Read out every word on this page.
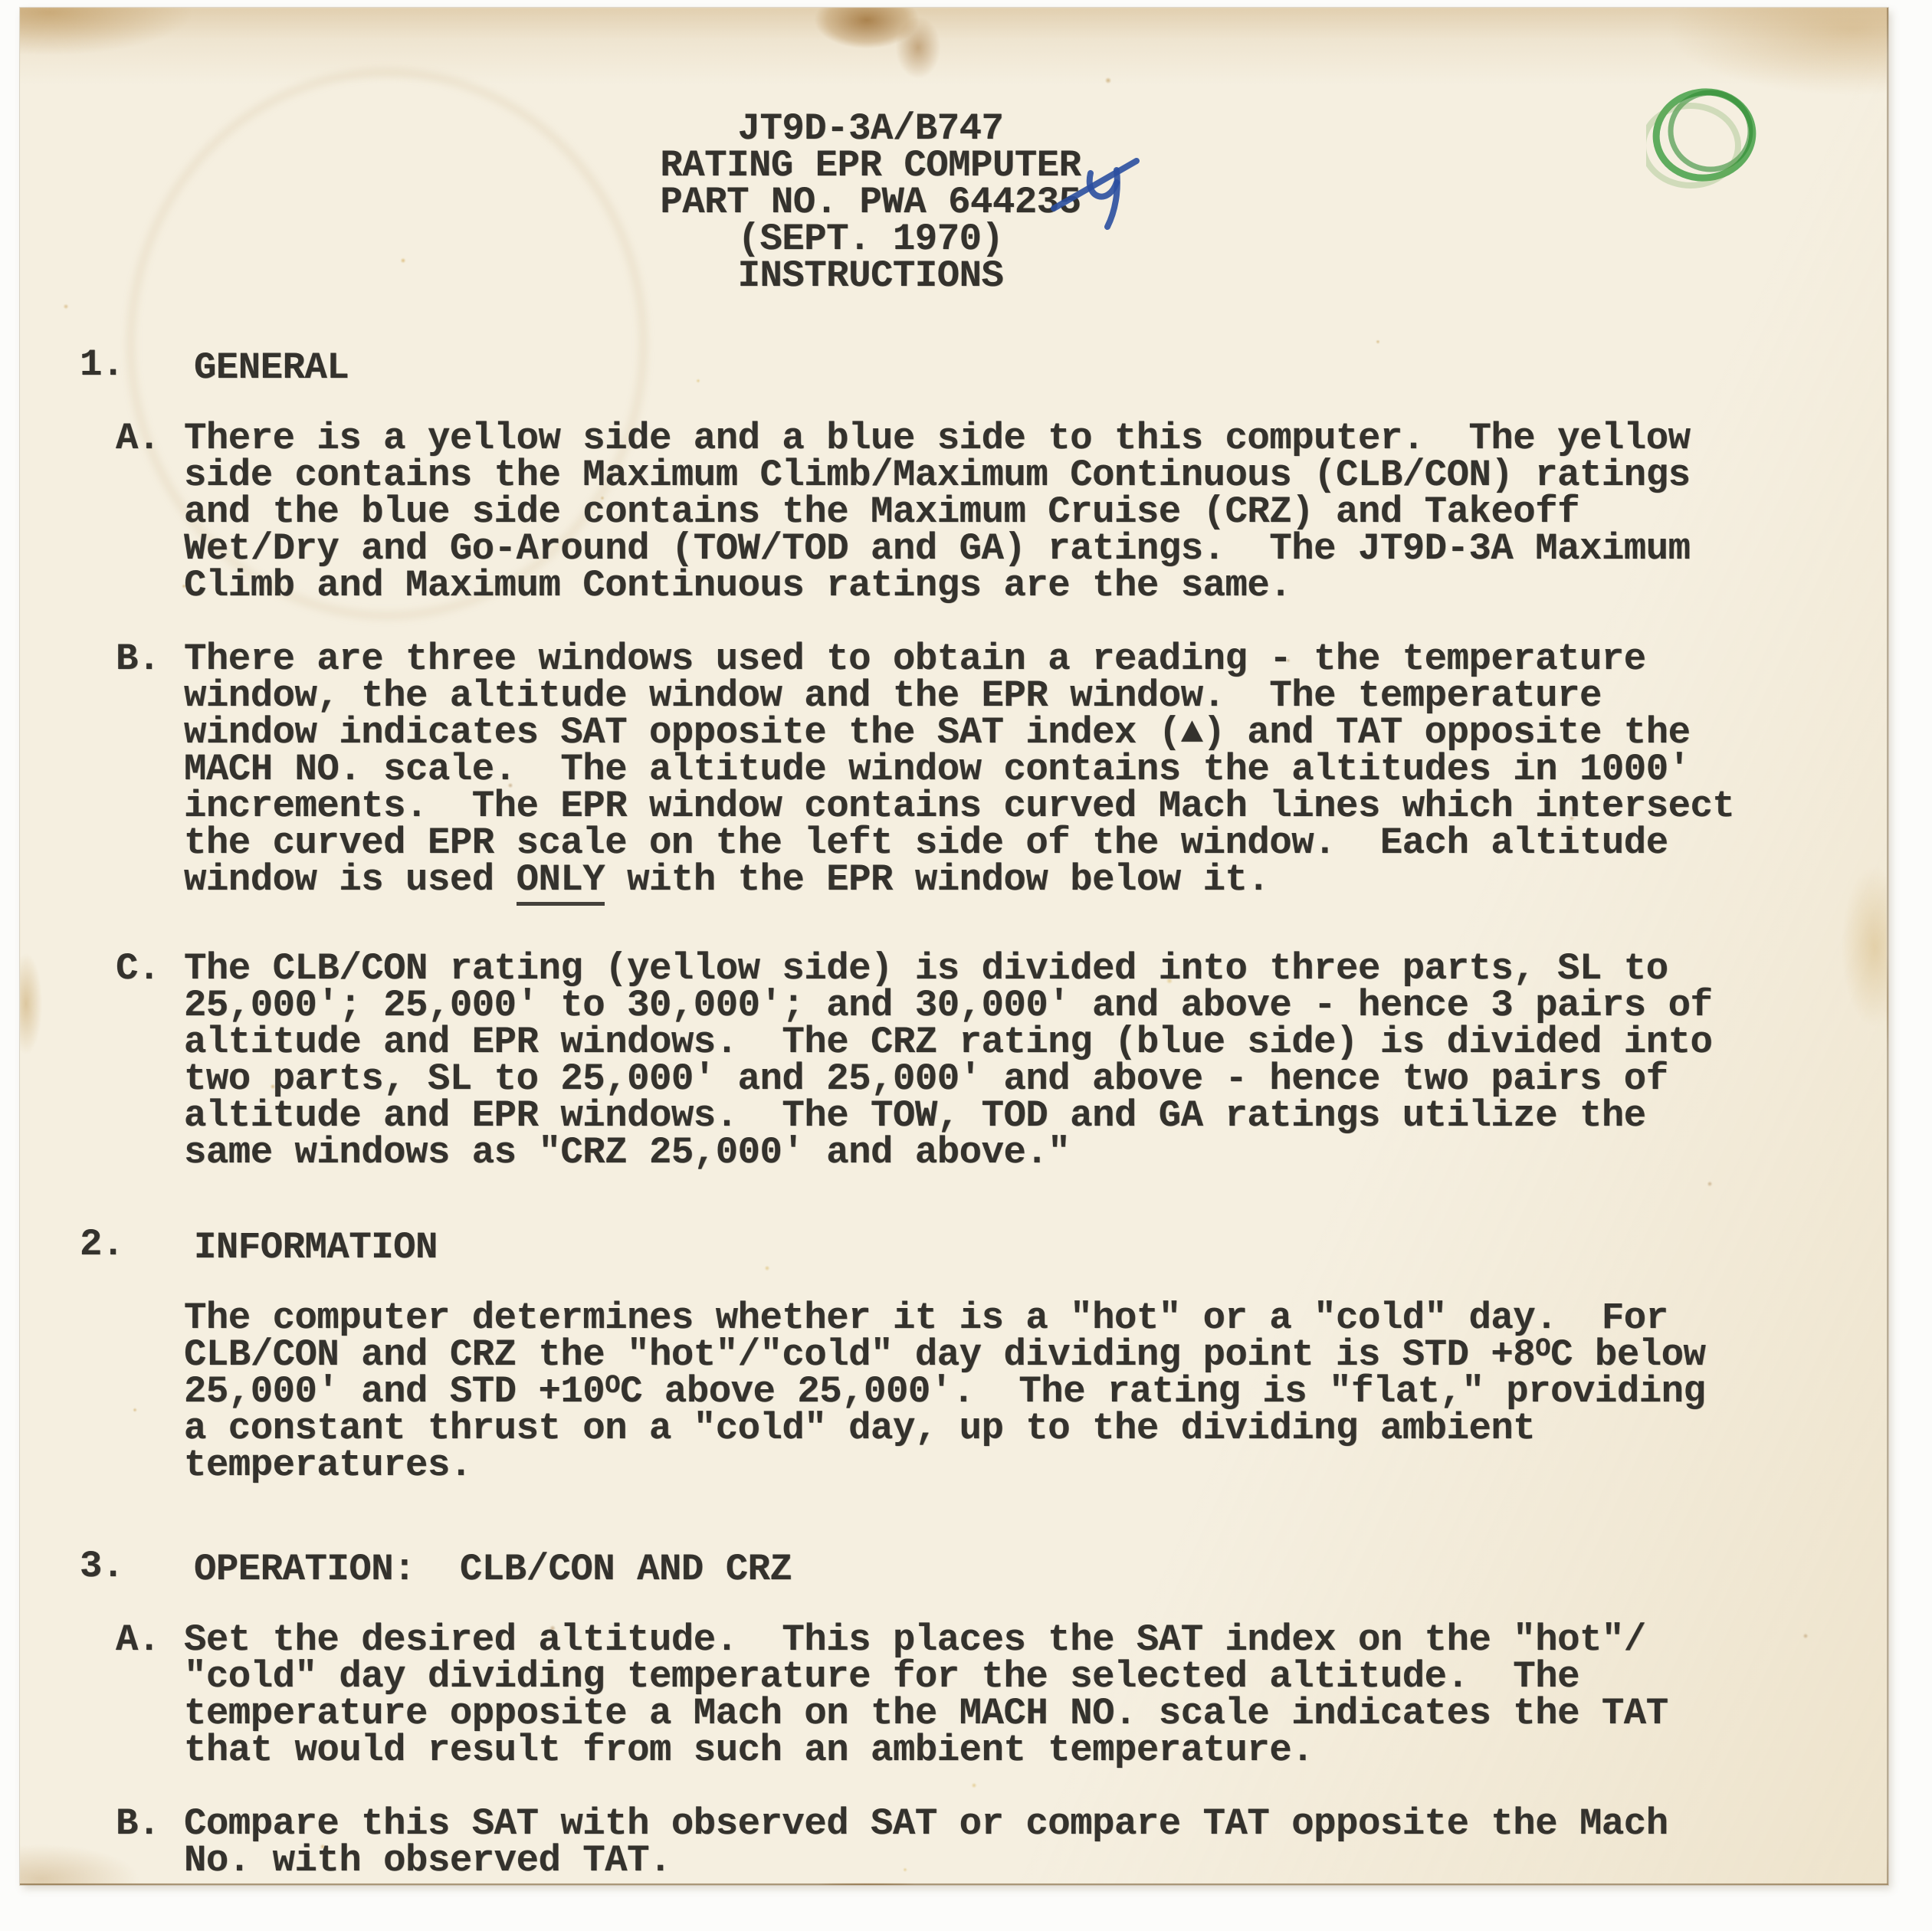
JT9D-3A/B747
RATING EPR COMPUTER
PART NO. PWA 644235
(SEPT. 1970)
INSTRUCTIONS
1. GENERAL
A. There is a yellow side and a blue side to this computer.  The yellow
side contains the Maximum Climb/Maximum Continuous (CLB/CON) ratings
and the blue side contains the Maximum Cruise (CRZ) and Takeoff
Wet/Dry and Go-Around (TOW/TOD and GA) ratings.  The JT9D-3A Maximum
Climb and Maximum Continuous ratings are the same.
B. There are three windows used to obtain a reading - the temperature
window, the altitude window and the EPR window.  The temperature
window indicates SAT opposite the SAT index (▲) and TAT opposite the
MACH NO. scale.  The altitude window contains the altitudes in 1000'
increments.  The EPR window contains curved Mach lines which intersect
the curved EPR scale on the left side of the window.  Each altitude
window is used ONLY with the EPR window below it.
C. The CLB/CON rating (yellow side) is divided into three parts, SL to
25,000'; 25,000' to 30,000'; and 30,000' and above - hence 3 pairs of
altitude and EPR windows.  The CRZ rating (blue side) is divided into
two parts, SL to 25,000' and 25,000' and above - hence two pairs of
altitude and EPR windows.  The TOW, TOD and GA ratings utilize the
same windows as "CRZ 25,000' and above."
2. INFORMATION
The computer determines whether it is a "hot" or a "cold" day.  For
CLB/CON and CRZ the "hot"/"cold" day dividing point is STD +8OC below
25,000' and STD +10OC above 25,000'.  The rating is "flat," providing
a constant thrust on a "cold" day, up to the dividing ambient
temperatures.
3. OPERATION:  CLB/CON AND CRZ
A. Set the desired altitude.  This places the SAT index on the "hot"/
"cold" day dividing temperature for the selected altitude.  The
temperature opposite a Mach on the MACH NO. scale indicates the TAT
that would result from such an ambient temperature.
B. Compare this SAT with observed SAT or compare TAT opposite the Mach
No. with observed TAT.
